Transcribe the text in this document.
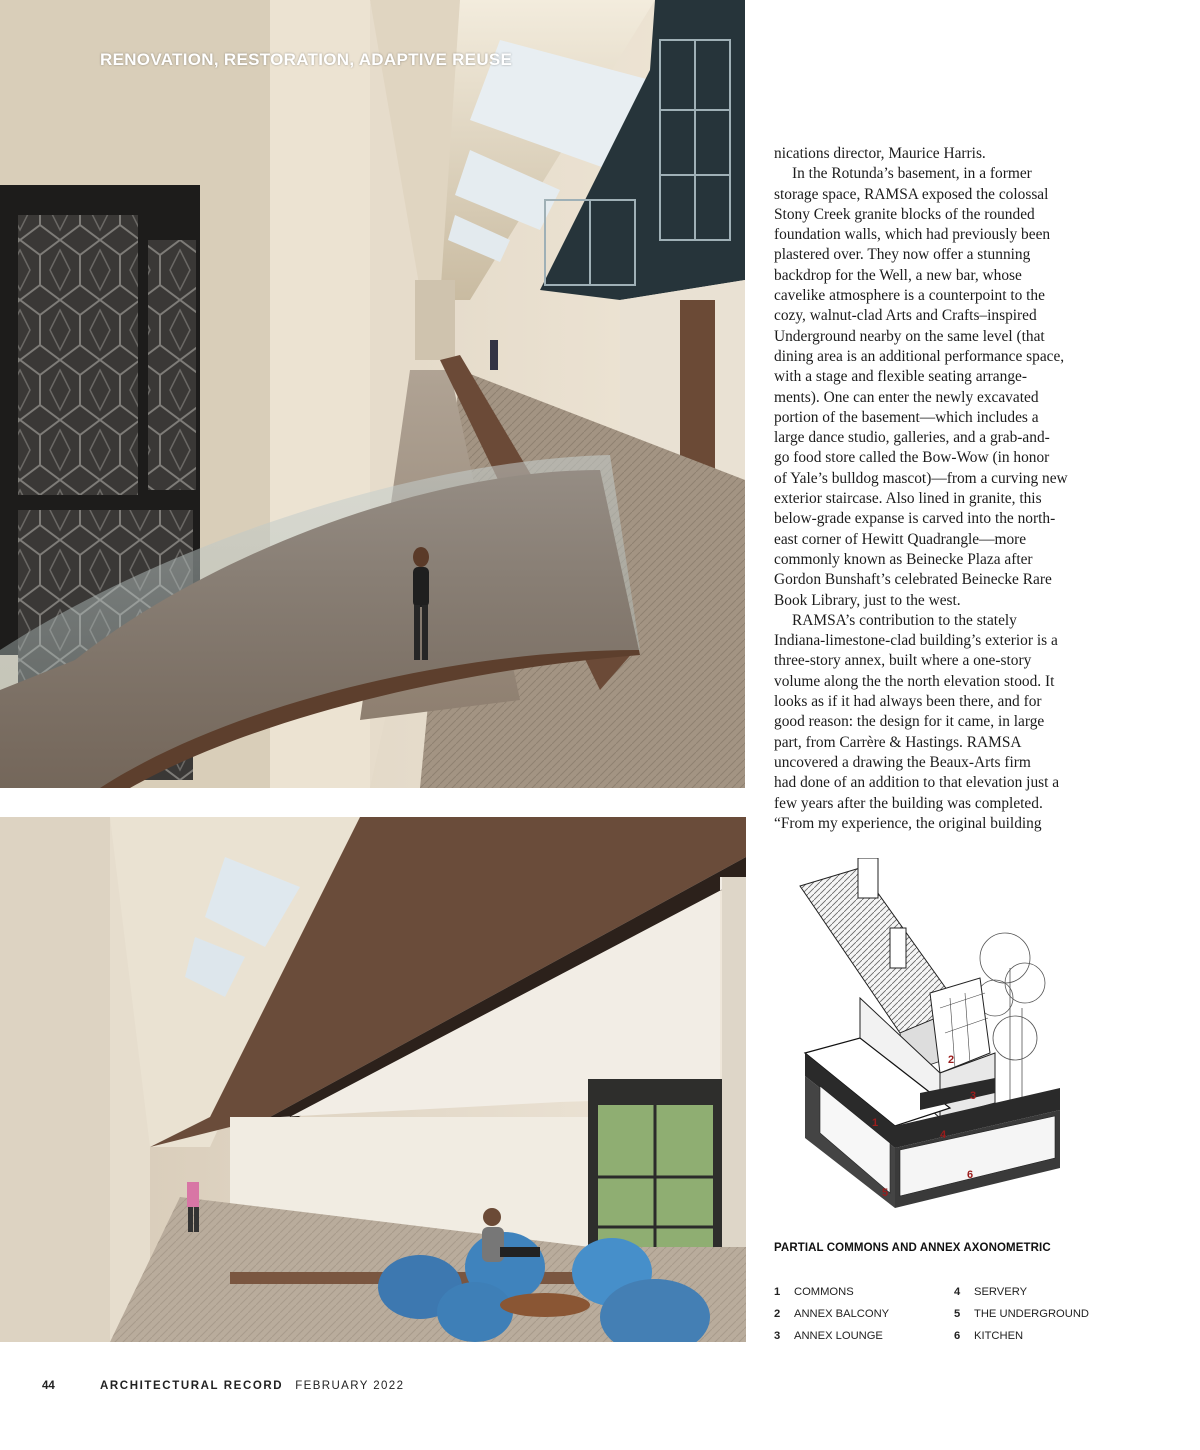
RENOVATION, RESTORATION, ADAPTIVE REUSE
nications director, Maurice Harris.
In the Rotunda’s basement, in a former
storage space, RAMSA exposed the colossal
Stony Creek granite blocks of the rounded
foundation walls, which had previously been
plastered over. They now offer a stunning
backdrop for the Well, a new bar, whose
cavelike atmosphere is a counterpoint to the
cozy, walnut-clad Arts and Crafts–inspired
Underground nearby on the same level (that
dining area is an additional performance space,
with a stage and flexible seating arrange-
ments). One can enter the newly excavated
portion of the basement—which includes a
large dance studio, galleries, and a grab-and-
go food store called the Bow-Wow (in honor
of Yale’s bulldog mascot)—from a curving new
exterior staircase. Also lined in granite, this
below-grade expanse is carved into the north-
east corner of Hewitt Quadrangle—more
commonly known as Beinecke Plaza after
Gordon Bunshaft’s celebrated Beinecke Rare
Book Library, just to the west.
RAMSA’s contribution to the stately
Indiana-limestone-clad building’s exterior is a
three-story annex, built where a one-story
volume along the the north elevation stood. It
looks as if it had always been there, and for
good reason: the design for it came, in large
part, from Carrère & Hastings. RAMSA
uncovered a drawing the Beaux-Arts firm
had done of an addition to that elevation just a
few years after the building was completed.
“From my experience, the original building
2
3
1
4
5
6
PARTIAL COMMONS AND ANNEX AXONOMETRIC
1 COMMONS
2 ANNEX BALCONY
3 ANNEX LOUNGE
4 SERVERY
5 THE UNDERGROUND
6 KITCHEN
44	ARCHITECTURAL RECORD FEBRUARY 2022
